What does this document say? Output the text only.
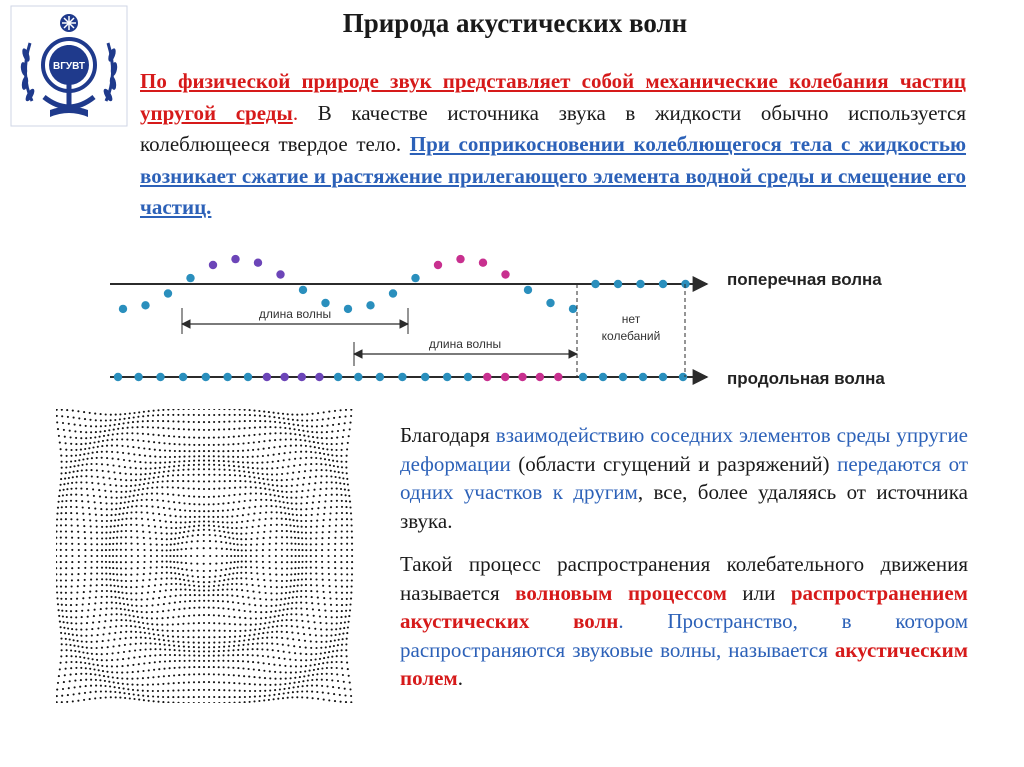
ВГУВТ
Природа акустических волн

По физической природе звук представляет собой механические колебания частиц упругой среды. В качестве источника звука в жидкости обычно используется колеблющееся твердое тело. При соприкосновении колеблющегося тела с жидкостью возникает сжатие и растяжение прилегающего элемента водной среды и смещение его частиц.

длина волны
длина волны
нет
колебаний
поперечная волна
продольная волна

Благодаря взаимодействию соседних элементов среды упругие деформации (области сгущений и разряжений) передаются от одних участков к другим, все, более удаляясь от источника звука.

Такой процесс распространения колебательного движения называется волновым процессом или распространением акустических волн. Пространство, в котором распространяются звуковые волны, называется акустическим полем.
